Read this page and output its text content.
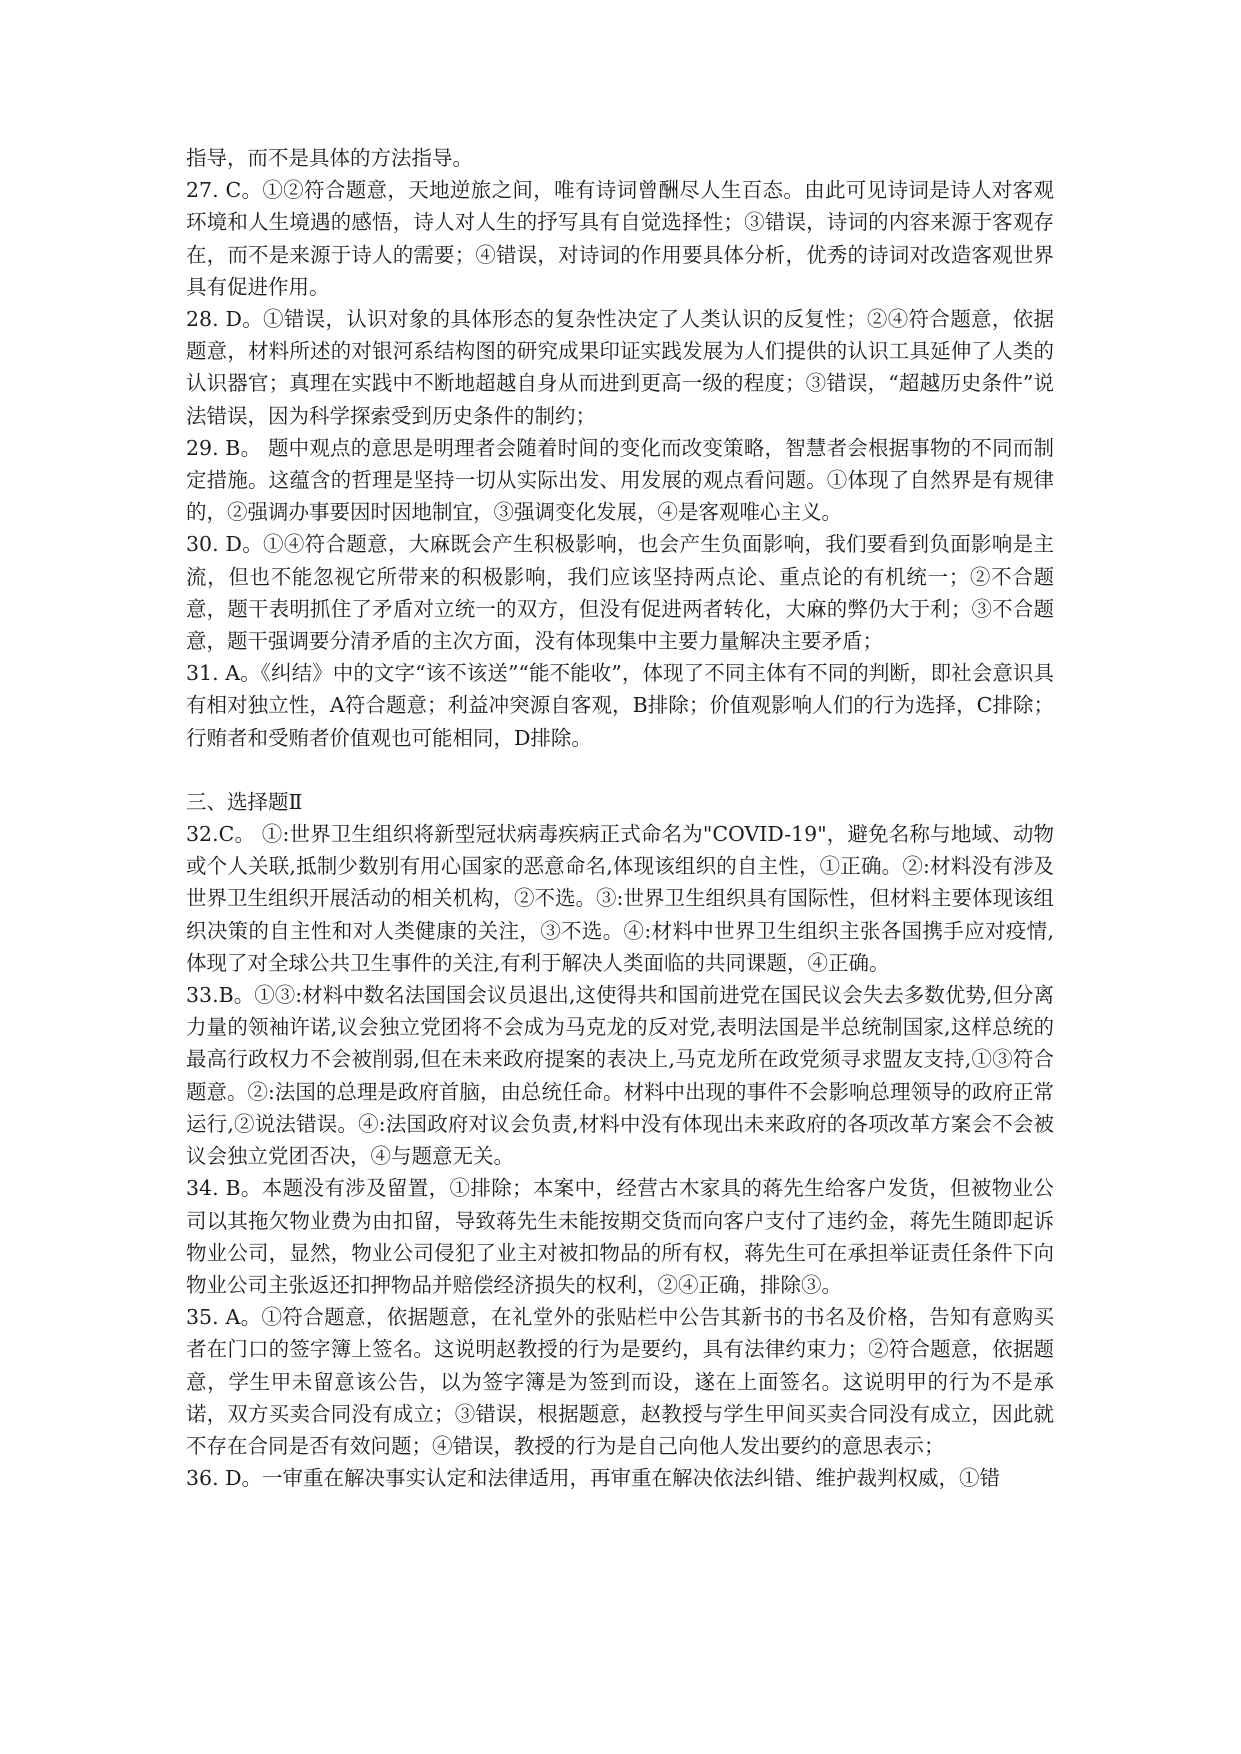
指导，而不是具体的方法指导。

27. C。①②符合题意，天地逆旅之间，唯有诗词曾酬尽人生百态。由此可见诗词是诗人对客观环境和人生境遇的感悟，诗人对人生的抒写具有自觉选择性；③错误，诗词的内容来源于客观存在，而不是来源于诗人的需要；④错误，对诗词的作用要具体分析，优秀的诗词对改造客观世界具有促进作用。

28. D。①错误，认识对象的具体形态的复杂性决定了人类认识的反复性；②④符合题意，依据题意，材料所述的对银河系结构图的研究成果印证实践发展为人们提供的认识工具延伸了人类的认识器官；真理在实践中不断地超越自身从而进到更高一级的程度；③错误，“超越历史条件”说法错误，因为科学探索受到历史条件的制约；

29. B。 题中观点的意思是明理者会随着时间的变化而改变策略，智慧者会根据事物的不同而制定措施。这蕴含的哲理是坚持一切从实际出发、用发展的观点看问题。①体现了自然界是有规律的，②强调办事要因时因地制宜，③强调变化发展，④是客观唯心主义。

30. D。①④符合题意，大麻既会产生积极影响，也会产生负面影响，我们要看到负面影响是主流，但也不能忽视它所带来的积极影响，我们应该坚持两点论、重点论的有机统一；②不合题意，题干表明抓住了矛盾对立统一的双方，但没有促进两者转化，大麻的弊仍大于利；③不合题意，题干强调要分清矛盾的主次方面，没有体现集中主要力量解决主要矛盾；

31. A。《纠结》中的文字“该不该送”“能不能收”，体现了不同主体有不同的判断，即社会意识具有相对独立性，A符合题意；利益冲突源自客观，B排除；价值观影响人们的行为选择，C排除；行贿者和受贿者价值观也可能相同，D排除。

三、选择题Ⅱ

32.C。 ①:世界卫生组织将新型冠状病毒疾病正式命名为"COVID-19"，避免名称与地域、动物或个人关联,抵制少数别有用心国家的恶意命名,体现该组织的自主性，①正确。②:材料没有涉及世界卫生组织开展活动的相关机构，②不选。③:世界卫生组织具有国际性，但材料主要体现该组织决策的自主性和对人类健康的关注，③不选。④:材料中世界卫生组织主张各国携手应对疫情,体现了对全球公共卫生事件的关注,有利于解决人类面临的共同课题，④正确。

33.B。①③:材料中数名法国国会议员退出,这使得共和国前进党在国民议会失去多数优势,但分离力量的领袖许诺,议会独立党团将不会成为马克龙的反对党,表明法国是半总统制国家,这样总统的最高行政权力不会被削弱,但在未来政府提案的表决上,马克龙所在政党须寻求盟友支持,①③符合题意。②:法国的总理是政府首脑，由总统任命。材料中出现的事件不会影响总理领导的政府正常运行,②说法错误。④:法国政府对议会负责,材料中没有体现出未来政府的各项改革方案会不会被议会独立党团否决，④与题意无关。

34. B。本题没有涉及留置，①排除；本案中，经营古木家具的蒋先生给客户发货，但被物业公司以其拖欠物业费为由扣留，导致蒋先生未能按期交货而向客户支付了违约金，蒋先生随即起诉物业公司，显然，物业公司侵犯了业主对被扣物品的所有权，蒋先生可在承担举证责任条件下向物业公司主张返还扣押物品并赔偿经济损失的权利，②④正确，排除③。

35. A。①符合题意，依据题意，在礼堂外的张贴栏中公告其新书的书名及价格，告知有意购买者在门口的签字簿上签名。这说明赵教授的行为是要约，具有法律约束力；②符合题意，依据题意，学生甲未留意该公告，以为签字簿是为签到而设，遂在上面签名。这说明甲的行为不是承诺，双方买卖合同没有成立；③错误，根据题意，赵教授与学生甲间买卖合同没有成立，因此就不存在合同是否有效问题；④错误，教授的行为是自己向他人发出要约的意思表示；

36. D。一审重在解决事实认定和法律适用，再审重在解决依法纠错、维护裁判权威，①错
